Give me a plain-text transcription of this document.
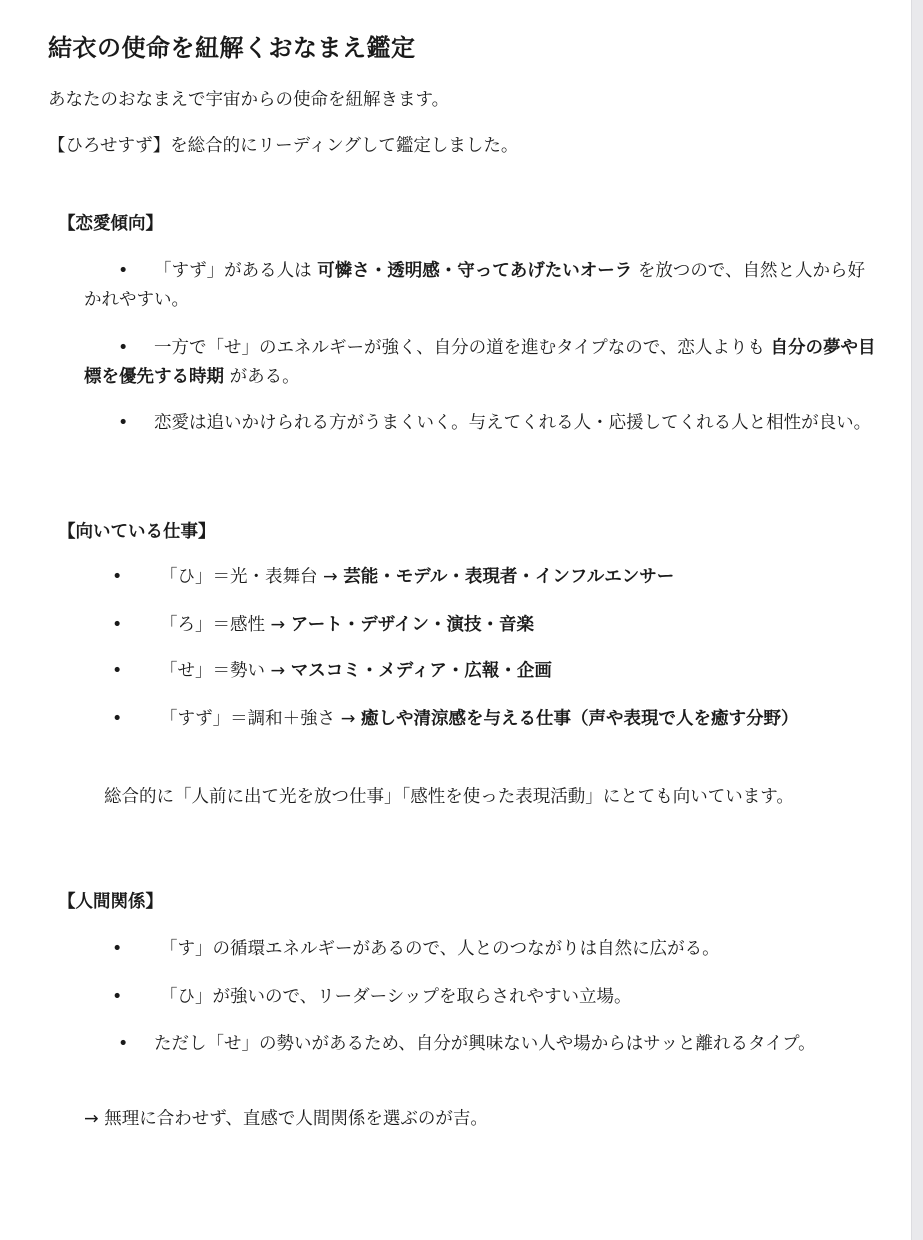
結衣の使命を紐解くおなまえ鑑定
あなたのおなまえで宇宙からの使命を紐解きます。
【ひろせすず】を総合的にリーディングして鑑定しました。
【恋愛傾向】
• 「すず」がある人は 可憐さ・透明感・守ってあげたいオーラ を放つので、自然と人から好かれやすい。
• 一方で「せ」のエネルギーが強く、自分の道を進むタイプなので、恋人よりも 自分の夢や目標を優先する時期 がある。
• 恋愛は追いかけられる方がうまくいく。与えてくれる人・応援してくれる人と相性が良い。
【向いている仕事】
• 「ひ」＝光・表舞台 → 芸能・モデル・表現者・インフルエンサー
• 「ろ」＝感性 → アート・デザイン・演技・音楽
• 「せ」＝勢い → マスコミ・メディア・広報・企画
• 「すず」＝調和＋強さ → 癒しや清涼感を与える仕事（声や表現で人を癒す分野）
総合的に「人前に出て光を放つ仕事」「感性を使った表現活動」にとても向いています。
【人間関係】
• 「す」の循環エネルギーがあるので、人とのつながりは自然に広がる。
• 「ひ」が強いので、リーダーシップを取らされやすい立場。
• ただし「せ」の勢いがあるため、自分が興味ない人や場からはサッと離れるタイプ。
→ 無理に合わせず、直感で人間関係を選ぶのが吉。
